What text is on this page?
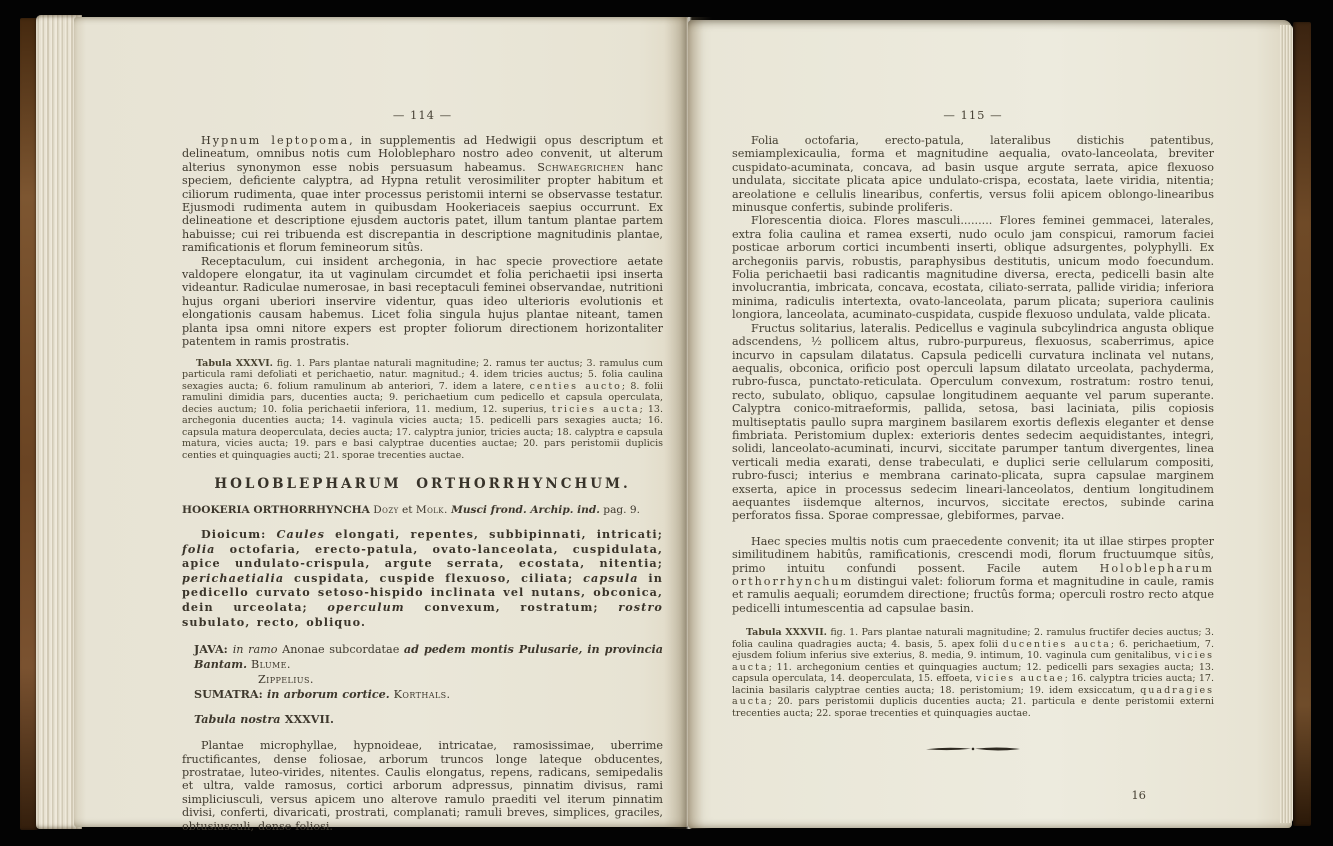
— 114 —

Hypnum leptopoma, in supplementis ad Hedwigii opus descriptum et delineatum, omnibus notis cum Holoblepharo nostro adeo convenit, ut alterum alterius synonymon esse nobis persuasum habeamus. Schwaegrichen hanc speciem, deficiente calyptra, ad Hypna retulit verosimiliter propter habitum et ciliorum rudimenta, quae inter processus peristomii interni se observasse testatur. Ejusmodi rudimenta autem in quibusdam Hookeriaceis saepius occurrunt. Ex delineatione et descriptione ejusdem auctoris patet, illum tantum plantae partem habuisse; cui rei tribuenda est discrepantia in descriptione magnitudinis plantae, ramificationis et florum femineorum sitûs.

Receptaculum, cui insident archegonia, in hac specie provectiore aetate valdopere elongatur, ita ut vaginulam circumdet et folia perichaetii ipsi inserta videantur. Radiculae numerosae, in basi receptaculi feminei observandae, nutritioni hujus organi uberiori inservire videntur, quas ideo ulterioris evolutionis et elongationis causam habemus. Licet folia singula hujus plantae niteant, tamen planta ipsa omni nitore expers est propter foliorum directionem horizontaliter patentem in ramis prostratis.

Tabula XXXVI. fig. 1. Pars plantae naturali magnitudine; 2. ramus ter auctus; 3. ramulus cum particula rami defoliati et perichaetio, natur. magnitud.; 4. idem tricies auctus; 5. folia caulina sexagies aucta; 6. folium ramulinum ab anteriori, 7. idem a latere, centies aucto; 8. folii ramulini dimidia pars, ducenties aucta; 9. perichaetium cum pedicello et capsula operculata, decies auctum; 10. folia perichaetii inferiora, 11. medium, 12. superius, tricies aucta; 13. archegonia ducenties aucta; 14. vaginula vicies aucta; 15. pedicelli pars sexagies aucta; 16. capsula matura deoperculata, decies aucta; 17. calyptra junior, tricies aucta; 18. calyptra e capsula matura, vicies aucta; 19. pars e basi calyptrae ducenties auctae; 20. pars peristomii duplicis centies et quinquagies aucti; 21. sporae trecenties auctae.

HOLOBLEPHARUM ORTHORRHYNCHUM.

HOOKERIA ORTHORRHYNCHA Dozy et Molk. Musci frond. Archip. ind. pag. 9.

Dioicum: Caules elongati, repentes, subbipinnati, intricati; folia octofaria, erecto-patula, ovato-lanceolata, cuspidulata, apice undulato-crispula, argute serrata, ecostata, nitentia; perichaetialia cuspidata, cuspide flexuoso, ciliata; capsula in pedicello curvato setoso-hispido inclinata vel nutans, obconica, dein urceolata; operculum convexum, rostratum; rostro subulato, recto, obliquo.

JAVA: in ramo Anonae subcordatae ad pedem montis Pulusarie, in provincia Bantam. Blume.

Zippelius.

SUMATRA: in arborum cortice. Korthals.

Tabula nostra XXXVII.

Plantae microphyllae, hypnoideae, intricatae, ramosissimae, uberrime fructificantes, dense foliosae, arborum truncos longe lateque obducentes, prostratae, luteo-virides, nitentes. Caulis elongatus, repens, radicans, semipedalis et ultra, valde ramosus, cortici arborum adpressus, pinnatim divisus, rami simpliciusculi, versus apicem uno alterove ramulo praediti vel iterum pinnatim divisi, conferti, divaricati, prostrati, complanati; ramuli breves, simplices, graciles, obtusiusculi, dense foliosi.

— 115 —

Folia octofaria, erecto-patula, lateralibus distichis patentibus, semiamplexicaulia, forma et magnitudine aequalia, ovato-lanceolata, breviter cuspidato-acuminata, concava, ad basin usque argute serrata, apice flexuoso undulata, siccitate plicata apice undulato-crispa, ecostata, laete viridia, nitentia; areolatione e cellulis linearibus, confertis, versus folii apicem oblongo-linearibus minusque confertis, subinde proliferis.

Florescentia dioica. Flores masculi......... Flores feminei gemmacei, laterales, extra folia caulina et ramea exserti, nudo oculo jam conspicui, ramorum faciei posticae arborum cortici incumbenti inserti, oblique adsurgentes, polyphylli. Ex archegoniis parvis, robustis, paraphysibus destitutis, unicum modo foecundum. Folia perichaetii basi radicantis magnitudine diversa, erecta, pedicelli basin alte involucrantia, imbricata, concava, ecostata, ciliato-serrata, pallide viridia; inferiora minima, radiculis intertexta, ovato-lanceolata, parum plicata; superiora caulinis longiora, lanceolata, acuminato-cuspidata, cuspide flexuoso undulata, valde plicata.

Fructus solitarius, lateralis. Pedicellus e vaginula subcylindrica angusta oblique adscendens, ½ pollicem altus, rubro-purpureus, flexuosus, scaberrimus, apice incurvo in capsulam dilatatus. Capsula pedicelli curvatura inclinata vel nutans, aequalis, obconica, orificio post operculi lapsum dilatato urceolata, pachyderma, rubro-fusca, punctato-reticulata. Operculum convexum, rostratum: rostro tenui, recto, subulato, obliquo, capsulae longitudinem aequante vel parum superante. Calyptra conico-mitraeformis, pallida, setosa, basi laciniata, pilis copiosis multiseptatis paullo supra marginem basilarem exortis deflexis eleganter et dense fimbriata. Peristomium duplex: exterioris dentes sedecim aequidistantes, integri, solidi, lanceolato-acuminati, incurvi, siccitate parumper tantum divergentes, linea verticali media exarati, dense trabeculati, e duplici serie cellularum compositi, rubro-fusci; interius e membrana carinato-plicata, supra capsulae marginem exserta, apice in processus sedecim lineari-lanceolatos, dentium longitudinem aequantes iisdemque alternos, incurvos, siccitate erectos, subinde carina perforatos fissa. Sporae compressae, glebiformes, parvae.

Haec species multis notis cum praecedente convenit; ita ut illae stirpes propter similitudinem habitûs, ramificationis, crescendi modi, florum fructuumque sitûs, primo intuitu confundi possent. Facile autem Holoblepharum orthorrhynchum distingui valet: foliorum forma et magnitudine in caule, ramis et ramulis aequali; eorumdem directione; fructûs forma; operculi rostro recto atque pedicelli intumescentia ad capsulae basin.

Tabula XXXVII. fig. 1. Pars plantae naturali magnitudine; 2. ramulus fructifer decies auctus; 3. folia caulina quadragies aucta; 4. basis, 5. apex folii ducenties aucta; 6. perichaetium, 7. ejusdem folium inferius sive exterius, 8. media, 9. intimum, 10. vaginula cum genitalibus, vicies aucta; 11. archegonium centies et quinquagies auctum; 12. pedicelli pars sexagies aucta; 13. capsula operculata, 14. deoperculata, 15. effoeta, vicies auctae; 16. calyptra tricies aucta; 17. lacinia basilaris calyptrae centies aucta; 18. peristomium; 19. idem exsiccatum, quadragies aucta; 20. pars peristomii duplicis ducenties aucta; 21. particula e dente peristomii externi trecenties aucta; 22. sporae trecenties et quinquagies auctae.

16
